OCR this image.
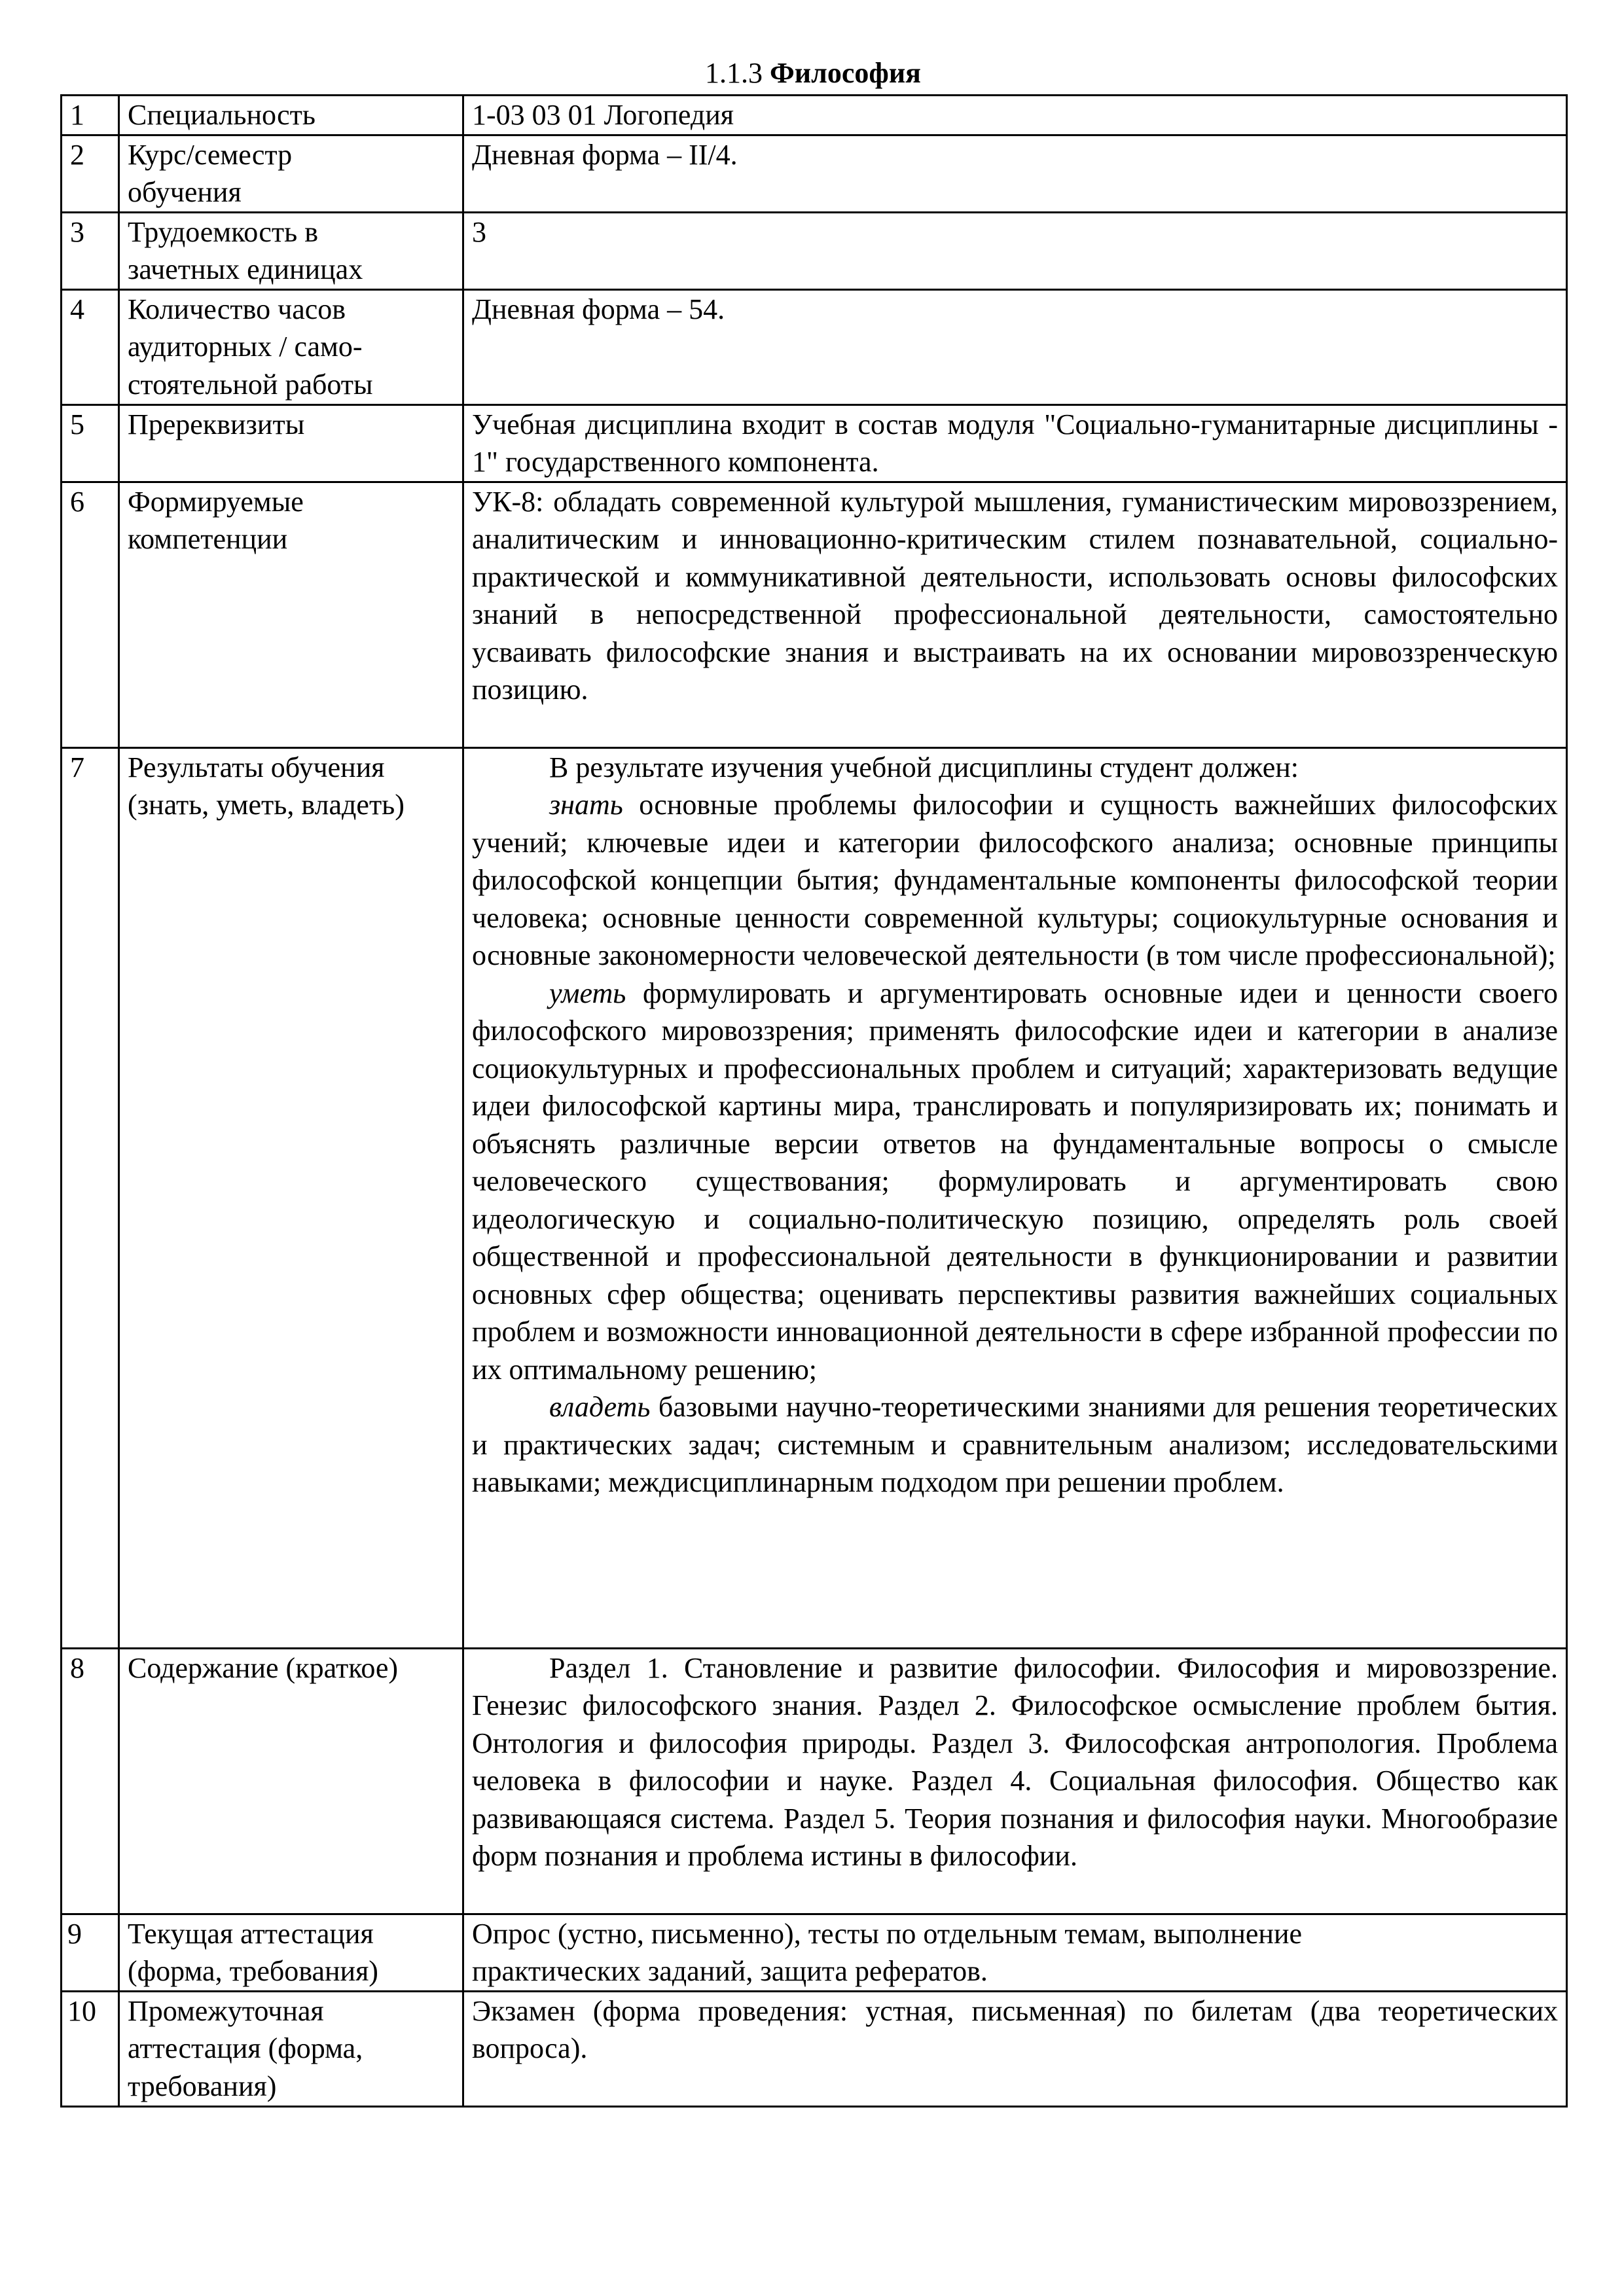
1.1.3 Философия
1	Специальность	1-03 03 01 Логопедия
2	Курс/семестр обучения	Дневная форма – II/4.
3	Трудоемкость в зачетных единицах	3
4	Количество часов аудиторных / само-стоятельной работы	Дневная форма – 54.
5	Пререквизиты	Учебная дисциплина входит в состав модуля "Социально-гуманитарные дисциплины - 1" государственного компонента.
6	Формируемые компетенции	УК-8: обладать современной культурой мышления, гуманистическим мировоззрением, аналитическим и инновационно-критическим стилем познавательной, социально-практической и коммуникативной деятельности, использовать основы философских знаний в непосредственной профессиональной деятельности, самостоятельно усваивать философские знания и выстраивать на их основании мировоззренческую позицию.
7	Результаты обучения (знать, уметь, владеть)	В результате изучения учебной дисциплины студент должен:

знать основные проблемы философии и сущность важнейших философских учений; ключевые идеи и категории философского анализа; основные принципы философской концепции бытия; фундаментальные компоненты философской теории человека; основные ценности современной культуры; социокультурные основания и основные закономерности человеческой деятельности (в том числе профессиональной);

уметь формулировать и аргументировать основные идеи и ценности своего философского мировоззрения; применять философские идеи и категории в анализе социокультурных и профессиональных проблем и ситуаций; характеризовать ведущие идеи философской картины мира, транслировать и популяризировать их; понимать и объяснять различные версии ответов на фундаментальные вопросы о смысле человеческого существования; формулировать и аргументировать свою идеологическую и социально-политическую позицию, определять роль своей общественной и профессиональной деятельности в функционировании и развитии основных сфер общества; оценивать перспективы развития важнейших социальных проблем и возможности инновационной деятельности в сфере избранной профессии по их оптимальному решению;

владеть базовыми научно-теоретическими знаниями для решения теоретических и практических задач; системным и сравнительным анализом; исследовательскими навыками; междисциплинарным подходом при решении проблем.

8	Содержание (краткое)	Раздел 1. Становление и развитие философии. Философия и мировоззрение. Генезис философского знания. Раздел 2. Философское осмысление проблем бытия. Онтология и философия природы. Раздел 3. Философская антропология. Проблема человека в философии и науке. Раздел 4. Социальная философия. Общество как развивающаяся система. Раздел 5. Теория познания и философия науки. Многообразие форм познания и проблема истины в философии.

9	Текущая аттестация (форма, требования)	Опрос (устно, письменно), тесты по отдельным темам, выполнение практических заданий, защита рефератов.
10	Промежуточная аттестация (форма, требования)	Экзамен (форма проведения: устная, письменная) по билетам (два теоретических вопроса).
